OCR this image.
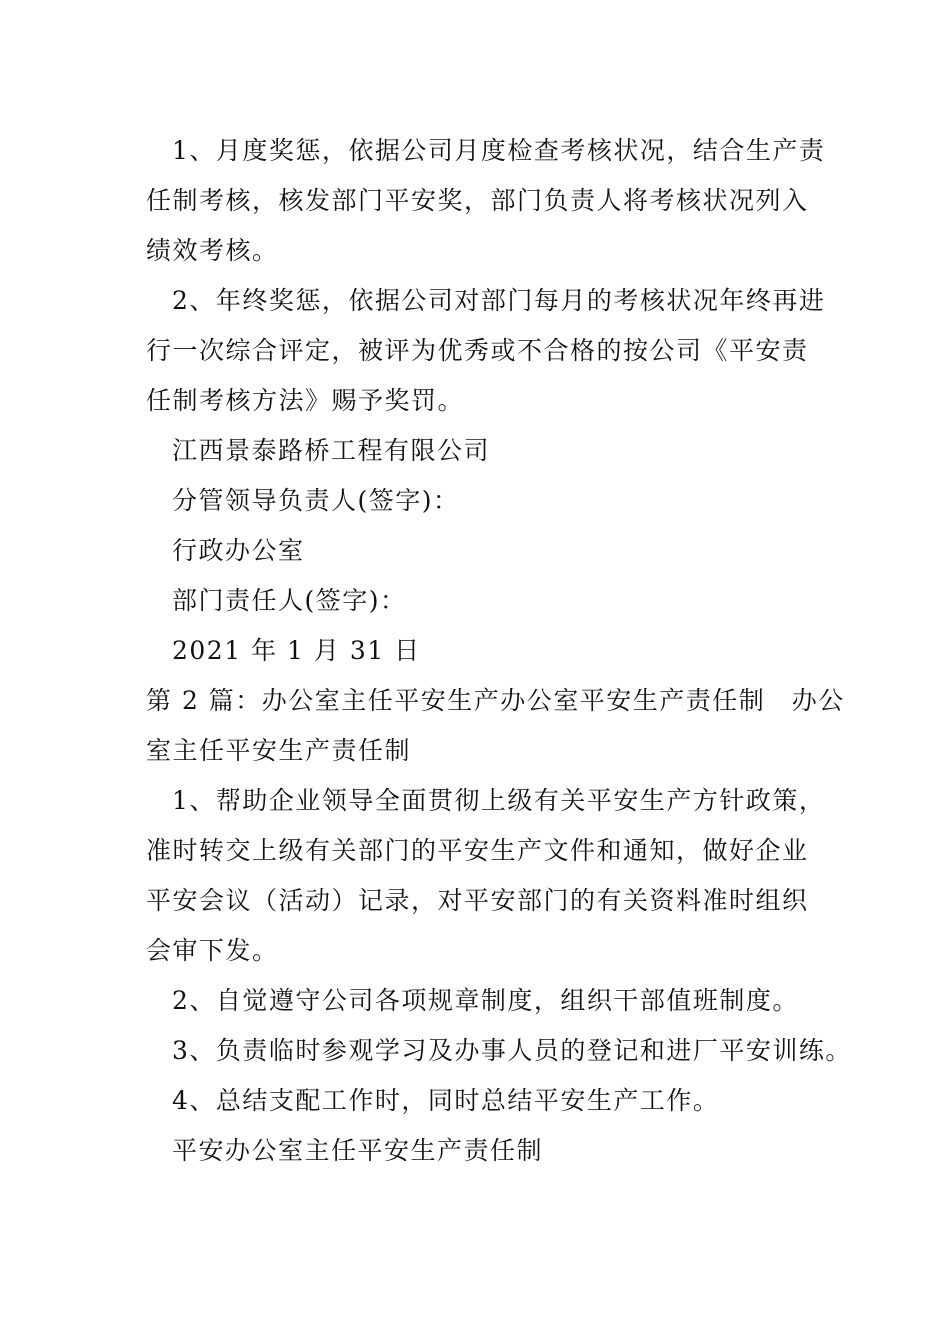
1、月度奖惩，依据公司月度检查考核状况，结合生产责
任制考核，核发部门平安奖，部门负责人将考核状况列入
绩效考核。
2、年终奖惩，依据公司对部门每月的考核状况年终再进
行一次综合评定，被评为优秀或不合格的按公司《平安责
任制考核方法》赐予奖罚。
江西景泰路桥工程有限公司
分管领导负责人(签字)：
行政办公室
部门责任人(签字)：
2021 年 1 月 31 日
第 2 篇：办公室主任平安生产办公室平安生产责任制　办公
室主任平安生产责任制
1、帮助企业领导全面贯彻上级有关平安生产方针政策，
准时转交上级有关部门的平安生产文件和通知，做好企业
平安会议（活动）记录，对平安部门的有关资料准时组织
会审下发。
2、自觉遵守公司各项规章制度，组织干部值班制度。
3、负责临时参观学习及办事人员的登记和进厂平安训练。
4、总结支配工作时，同时总结平安生产工作。
平安办公室主任平安生产责任制
